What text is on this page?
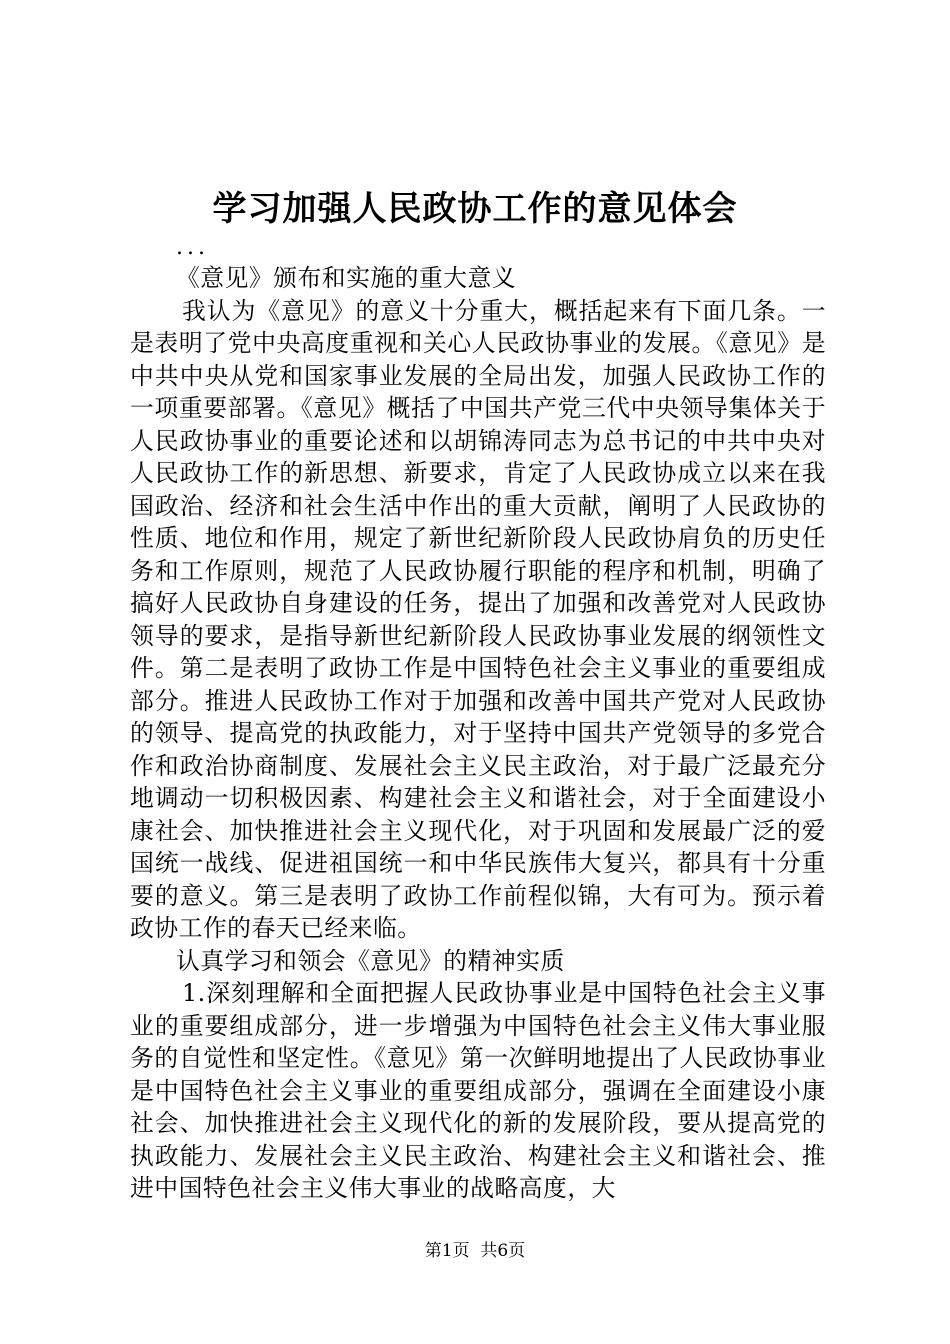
学习加强人民政协工作的意见体会
...

《意见》颁布和实施的重大意义

我认为《意见》的意义十分重大，概括起来有下面几条。一是表明了党中央高度重视和关心人民政协事业的发展。《意见》是中共中央从党和国家事业发展的全局出发，加强人民政协工作的一项重要部署。《意见》概括了中国共产党三代中央领导集体关于人民政协事业的重要论述和以胡锦涛同志为总书记的中共中央对人民政协工作的新思想、新要求，肯定了人民政协成立以来在我国政治、经济和社会生活中作出的重大贡献，阐明了人民政协的性质、地位和作用，规定了新世纪新阶段人民政协肩负的历史任务和工作原则，规范了人民政协履行职能的程序和机制，明确了搞好人民政协自身建设的任务，提出了加强和改善党对人民政协领导的要求，是指导新世纪新阶段人民政协事业发展的纲领性文件。第二是表明了政协工作是中国特色社会主义事业的重要组成部分。推进人民政协工作对于加强和改善中国共产党对人民政协的领导、提高党的执政能力，对于坚持中国共产党领导的多党合作和政治协商制度、发展社会主义民主政治，对于最广泛最充分地调动一切积极因素、构建社会主义和谐社会，对于全面建设小康社会、加快推进社会主义现代化，对于巩固和发展最广泛的爱国统一战线、促进祖国统一和中华民族伟大复兴，都具有十分重要的意义。第三是表明了政协工作前程似锦，大有可为。预示着政协工作的春天已经来临。

认真学习和领会《意见》的精神实质

1.深刻理解和全面把握人民政协事业是中国特色社会主义事业的重要组成部分，进一步增强为中国特色社会主义伟大事业服务的自觉性和坚定性。《意见》第一次鲜明地提出了人民政协事业是中国特色社会主义事业的重要组成部分，强调在全面建设小康社会、加快推进社会主义现代化的新的发展阶段，要从提高党的执政能力、发展社会主义民主政治、构建社会主义和谐社会、推进中国特色社会主义伟大事业的战略高度，大

第1页  共6页
